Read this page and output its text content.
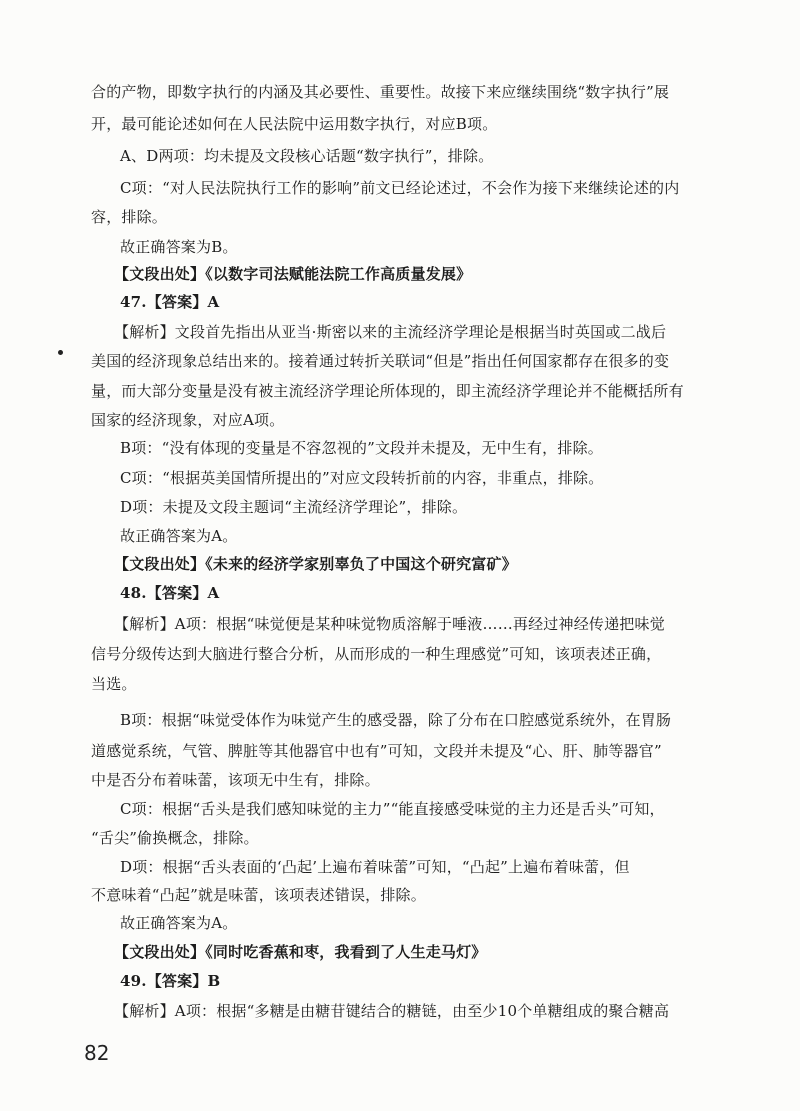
合的产物，即数字执行的内涵及其必要性、重要性。故接下来应继续围绕“数字执行”展
开，最可能论述如何在人民法院中运用数字执行，对应B项。
A、D两项：均未提及文段核心话题“数字执行”，排除。
C项：“对人民法院执行工作的影响”前文已经论述过，不会作为接下来继续论述的内
容，排除。
故正确答案为B。
【文段出处】《以数字司法赋能法院工作高质量发展》
47.【答案】A
【解析】文段首先指出从亚当·斯密以来的主流经济学理论是根据当时英国或二战后
美国的经济现象总结出来的。接着通过转折关联词“但是”指出任何国家都存在很多的变
量，而大部分变量是没有被主流经济学理论所体现的，即主流经济学理论并不能概括所有
国家的经济现象，对应A项。
B项：“没有体现的变量是不容忽视的”文段并未提及，无中生有，排除。
C项：“根据英美国情所提出的”对应文段转折前的内容，非重点，排除。
D项：未提及文段主题词“主流经济学理论”，排除。
故正确答案为A。
【文段出处】《未来的经济学家别辜负了中国这个研究富矿》
48.【答案】A
【解析】A项：根据“味觉便是某种味觉物质溶解于唾液……再经过神经传递把味觉
信号分级传达到大脑进行整合分析，从而形成的一种生理感觉”可知，该项表述正确，
当选。
B项：根据“味觉受体作为味觉产生的感受器，除了分布在口腔感觉系统外，在胃肠
道感觉系统，气管、脾脏等其他器官中也有”可知，文段并未提及“心、肝、肺等器官”
中是否分布着味蕾，该项无中生有，排除。
C项：根据“舌头是我们感知味觉的主力”“能直接感受味觉的主力还是舌头”可知，
“舌尖”偷换概念，排除。
D项：根据“舌头表面的‘凸起’上遍布着味蕾”可知，“凸起”上遍布着味蕾，但
不意味着“凸起”就是味蕾，该项表述错误，排除。
故正确答案为A。
【文段出处】《同时吃香蕉和枣，我看到了人生走马灯》
49.【答案】B
【解析】A项：根据“多糖是由糖苷键结合的糖链，由至少10个单糖组成的聚合糖高
82
